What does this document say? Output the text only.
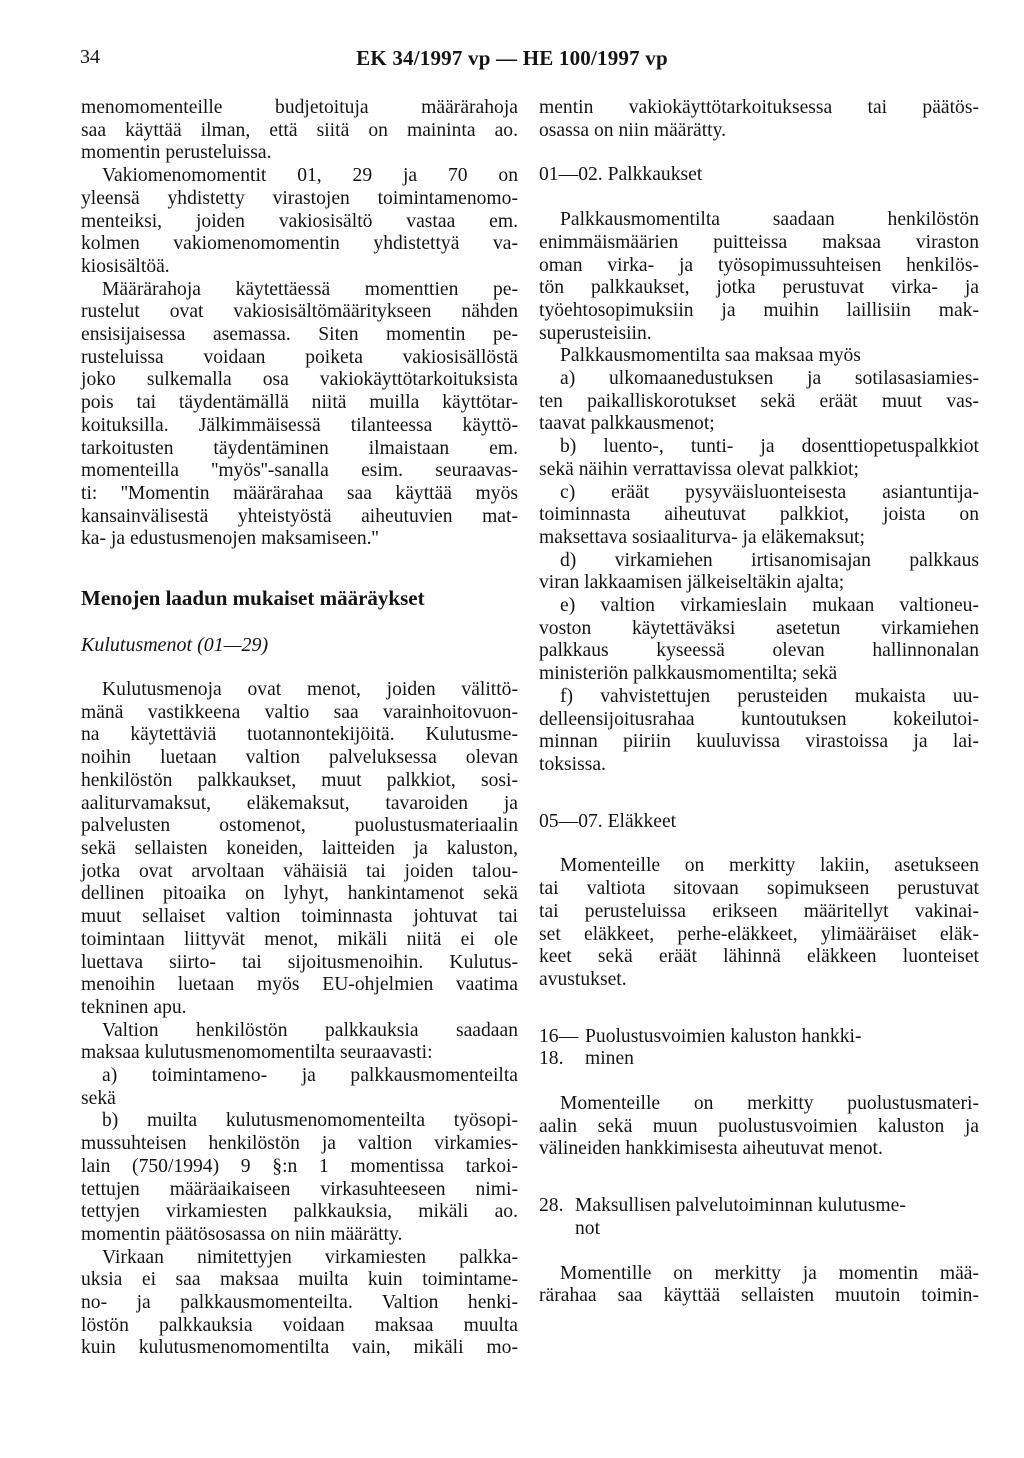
34	EK 34/1997 vp — HE 100/1997 vp
menomomenteille budjetoituja määrärahoja
saa käyttää ilman, että siitä on maininta ao.
momentin perusteluissa.
Vakiomenomomentit 01, 29 ja 70 on
yleensä yhdistetty virastojen toimintamenomo-
menteiksi, joiden vakiosisältö vastaa em.
kolmen vakiomenomomentin yhdistettyä va-
kiosisältöä.
Määrärahoja käytettäessä momenttien pe-
rustelut ovat vakiosisältömääritykseen nähden
ensisijaisessa asemassa. Siten momentin pe-
rusteluissa voidaan poiketa vakiosisällöstä
joko sulkemalla osa vakiokäyttötarkoituksista
pois tai täydentämällä niitä muilla käyttötar-
koituksilla. Jälkimmäisessä tilanteessa käyttö-
tarkoitusten täydentäminen ilmaistaan em.
momenteilla ''myös''-sanalla esim. seuraavas-
ti: ''Momentin määrärahaa saa käyttää myös
kansainvälisestä yhteistyöstä aiheutuvien mat-
ka- ja edustusmenojen maksamiseen.''
Menojen laadun mukaiset määräykset
Kulutusmenot (01—29)
Kulutusmenoja ovat menot, joiden välittö-
mänä vastikkeena valtio saa varainhoitovuon-
na käytettäviä tuotannontekijöitä. Kulutusme-
noihin luetaan valtion palveluksessa olevan
henkilöstön palkkaukset, muut palkkiot, sosi-
aaliturvamaksut, eläkemaksut, tavaroiden ja
palvelusten ostomenot, puolustusmateriaalin
sekä sellaisten koneiden, laitteiden ja kaluston,
jotka ovat arvoltaan vähäisiä tai joiden talou-
dellinen pitoaika on lyhyt, hankintamenot sekä
muut sellaiset valtion toiminnasta johtuvat tai
toimintaan liittyvät menot, mikäli niitä ei ole
luettava siirto- tai sijoitusmenoihin. Kulutus-
menoihin luetaan myös EU-ohjelmien vaatima
tekninen apu.
Valtion henkilöstön palkkauksia saadaan
maksaa kulutusmenomomentilta seuraavasti:
a) toimintameno- ja palkkausmomenteilta
sekä
b) muilta kulutusmenomomenteilta työsopi-
mussuhteisen henkilöstön ja valtion virkamies-
lain (750/1994) 9 §:n 1 momentissa tarkoi-
tettujen määräaikaiseen virkasuhteeseen nimi-
tettyjen virkamiesten palkkauksia, mikäli ao.
momentin päätösosassa on niin määrätty.
Virkaan nimitettyjen virkamiesten palkka-
uksia ei saa maksaa muilta kuin toimintame-
no- ja palkkausmomenteilta. Valtion henki-
löstön palkkauksia voidaan maksaa muulta
kuin kulutusmenomomentilta vain, mikäli mo-
mentin vakiokäyttötarkoituksessa tai päätös-
osassa on niin määrätty.
01—02. Palkkaukset
Palkkausmomentilta saadaan henkilöstön
enimmäismäärien puitteissa maksaa viraston
oman virka- ja työsopimussuhteisen henkilös-
tön palkkaukset, jotka perustuvat virka- ja
työehtosopimuksiin ja muihin laillisiin mak-
superusteisiin.
Palkkausmomentilta saa maksaa myös
a) ulkomaanedustuksen ja sotilasasiamies-
ten paikalliskorotukset sekä eräät muut vas-
taavat palkkausmenot;
b) luento-, tunti- ja dosenttiopetuspalkkiot
sekä näihin verrattavissa olevat palkkiot;
c) eräät pysyväisluonteisesta asiantuntija-
toiminnasta aiheutuvat palkkiot, joista on
maksettava sosiaaliturva- ja eläkemaksut;
d) virkamiehen irtisanomisajan palkkaus
viran lakkaamisen jälkeiseltäkin ajalta;
e) valtion virkamieslain mukaan valtioneu-
voston käytettäväksi asetetun virkamiehen
palkkaus kyseessä olevan hallinnonalan
ministeriön palkkausmomentilta; sekä
f) vahvistettujen perusteiden mukaista uu-
delleensijoitusrahaa kuntoutuksen kokeilutoi-
minnan piiriin kuuluvissa virastoissa ja lai-
toksissa.
05—07. Eläkkeet
Momenteille on merkitty lakiin, asetukseen
tai valtiota sitovaan sopimukseen perustuvat
tai perusteluissa erikseen määritellyt vakinai-
set eläkkeet, perhe-eläkkeet, ylimääräiset eläk-
keet sekä eräät lähinnä eläkkeen luonteiset
avustukset.
16—18.
Puolustusvoimien kaluston hankki-
minen
Momenteille on merkitty puolustusmateri-
aalin sekä muun puolustusvoimien kaluston ja
välineiden hankkimisesta aiheutuvat menot.
28. Maksullisen palvelutoiminnan kulutusme-
not
Momentille on merkitty ja momentin mää-
rärahaa saa käyttää sellaisten muutoin toimin-
